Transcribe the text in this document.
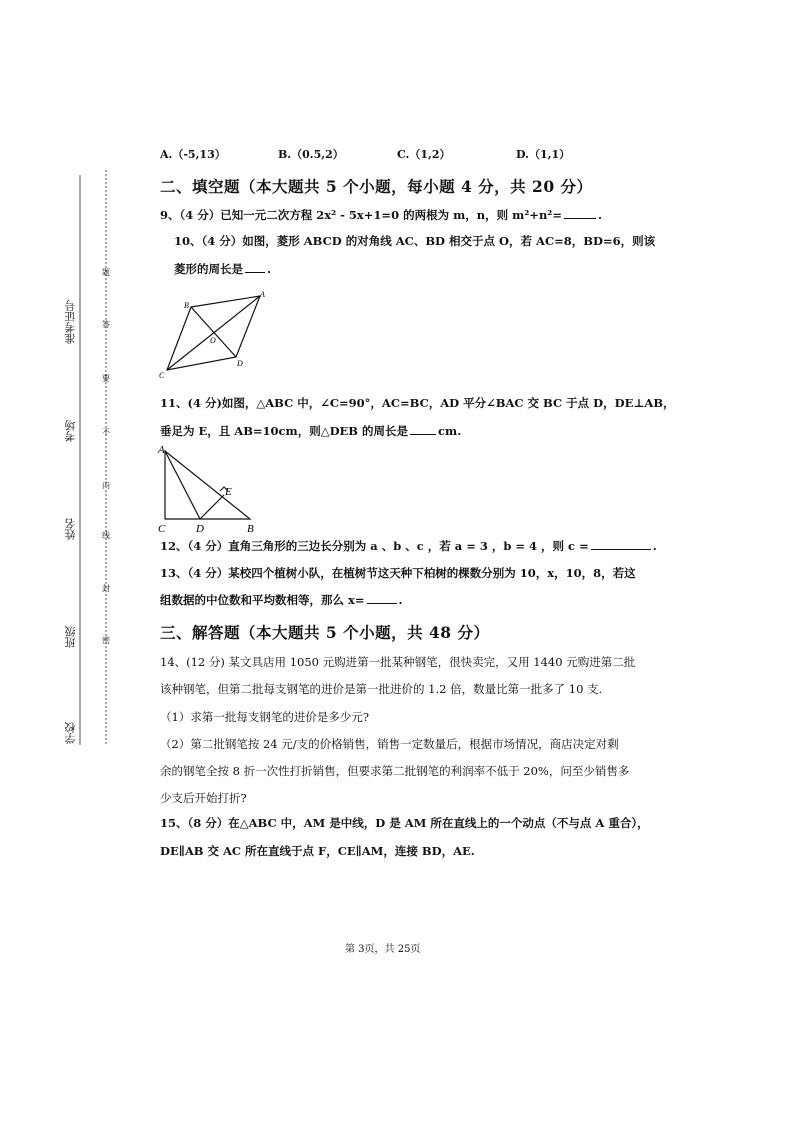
准考证号
考场
姓名
班级
学校
题
答
要
不
内
线
封
密
A.（-5,13）	B.（0.5,2）	C.（1,2）	D.（1,1）
二、填空题（本大题共 5 个小题，每小题 4 分，共 20 分）
9、（4 分）已知一元二次方程 2x² - 5x+1=0 的两根为 m，n，则 m²+n²=	.
10、（4 分）如图，菱形 ABCD 的对角线 AC、BD 相交于点 O，若 AC=8，BD=6，则该
菱形的周长是 .
B
A
D
C
O
11、(4 分)如图，△ABC 中，∠C=90°，AC=BC，AD 平分∠BAC 交 BC 于点 D，DE⊥AB，
垂足为 E，且 AB=10cm，则△DEB 的周长是	cm.
A
C	D	B
E
12、（4 分）直角三角形的三边长分别为 a 、b 、c ，若 a = 3 ，b = 4 ，则 c =	.
13、（4 分）某校四个植树小队，在植树节这天种下柏树的棵数分别为 10，x，10，8，若这
组数据的中位数和平均数相等，那么 x=	.
三、解答题（本大题共 5 个小题，共 48 分）
14、(12 分) 某文具店用 1050 元购进第一批某种钢笔，很快卖完，又用 1440 元购进第二批
该种钢笔，但第二批每支钢笔的进价是第一批进价的 1.2 倍，数量比第一批多了 10 支.
（1）求第一批每支钢笔的进价是多少元?
（2）第二批钢笔按 24 元/支的价格销售，销售一定数量后，根据市场情况，商店决定对剩
余的钢笔全按 8 折一次性打折销售，但要求第二批钢笔的利润率不低于 20%，问至少销售多
少支后开始打折?
15、（8 分）在△ABC 中，AM 是中线，D 是 AM 所在直线上的一个动点（不与点 A 重合），
DE∥AB 交 AC 所在直线于点 F，CE∥AM，连接 BD，AE.
第 3页，共 25页
